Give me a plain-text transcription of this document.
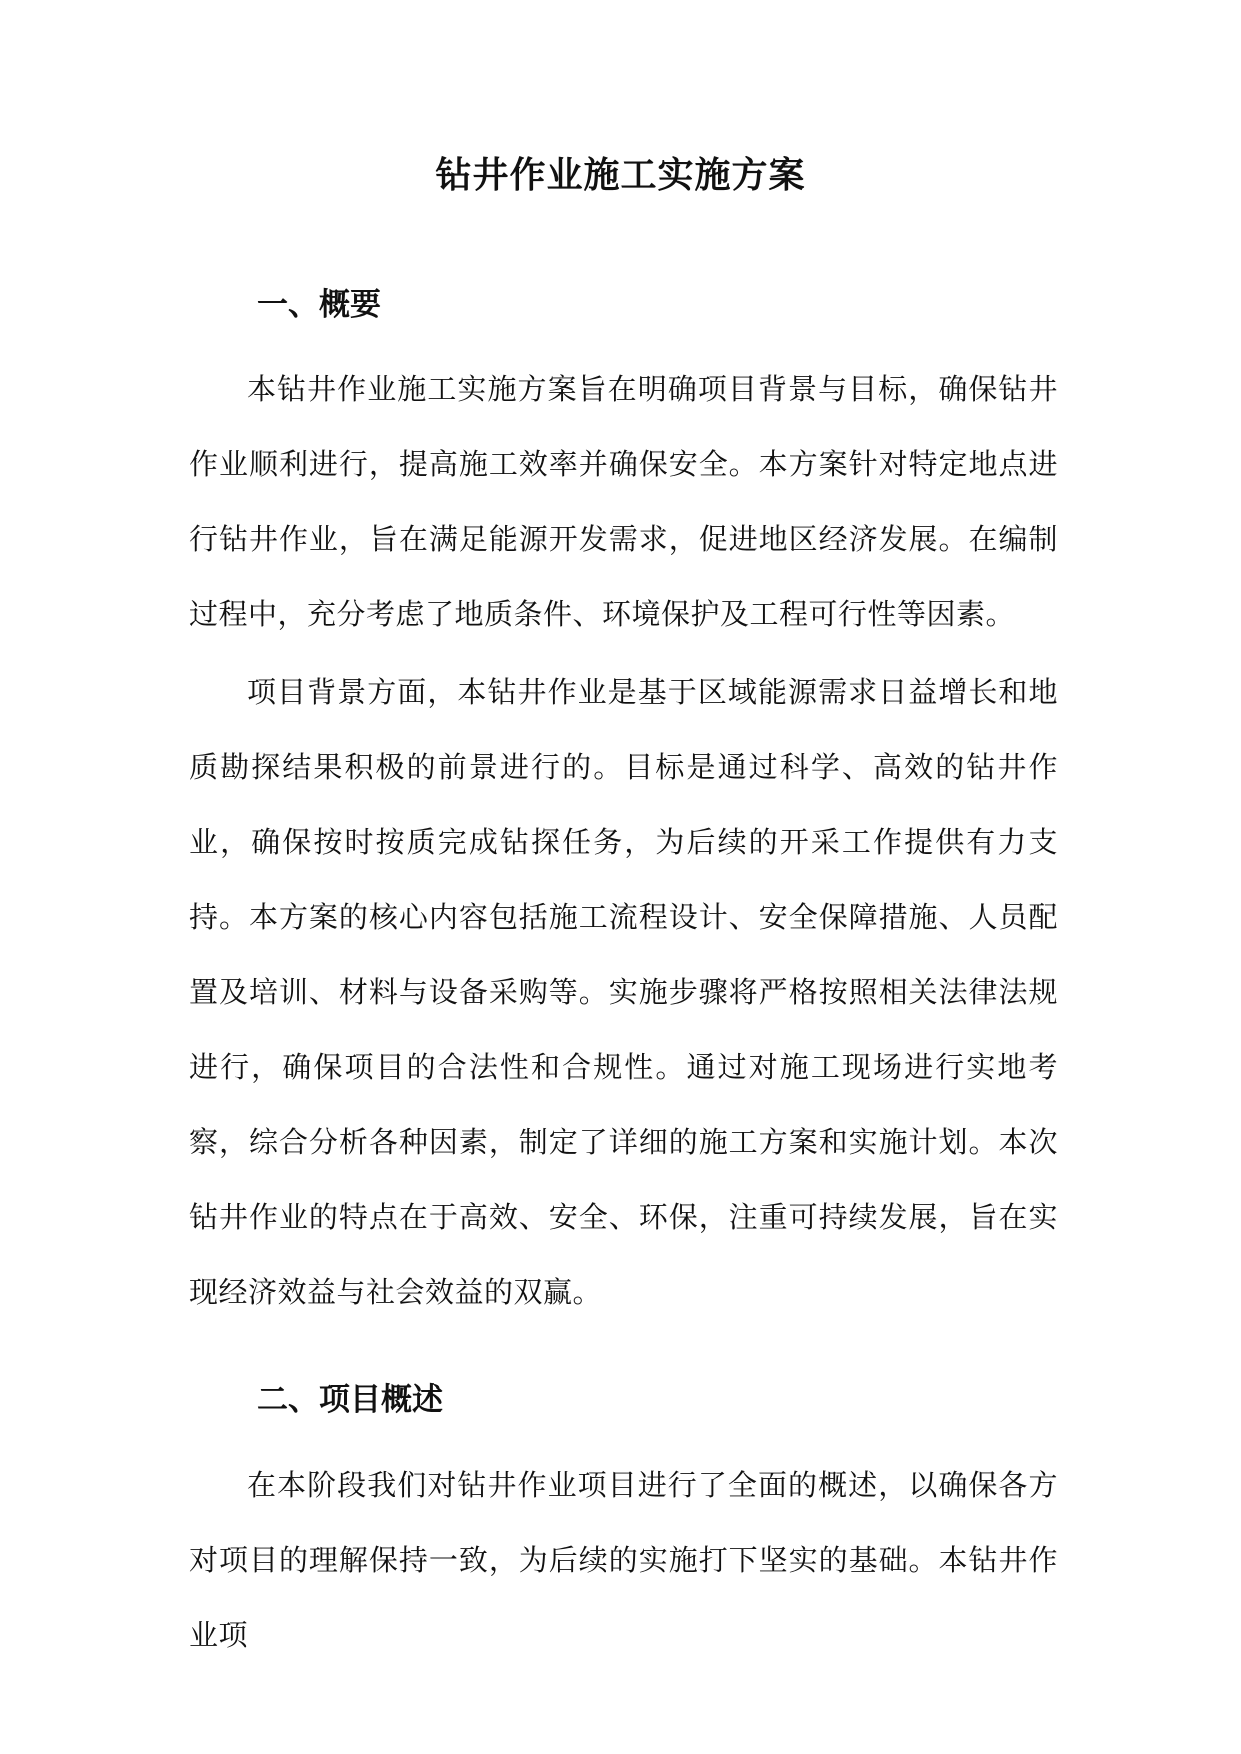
钻井作业施工实施方案
一、概要

本钻井作业施工实施方案旨在明确项目背景与目标，确保钻井作业顺利进行，提高施工效率并确保安全。本方案针对特定地点进行钻井作业，旨在满足能源开发需求，促进地区经济发展。在编制过程中，充分考虑了地质条件、环境保护及工程可行性等因素。

项目背景方面，本钻井作业是基于区域能源需求日益增长和地质勘探结果积极的前景进行的。目标是通过科学、高效的钻井作业，确保按时按质完成钻探任务，为后续的开采工作提供有力支持。本方案的核心内容包括施工流程设计、安全保障措施、人员配置及培训、材料与设备采购等。实施步骤将严格按照相关法律法规进行，确保项目的合法性和合规性。通过对施工现场进行实地考察，综合分析各种因素，制定了详细的施工方案和实施计划。本次钻井作业的特点在于高效、安全、环保，注重可持续发展，旨在实现经济效益与社会效益的双赢。

二、项目概述

在本阶段我们对钻井作业项目进行了全面的概述，以确保各方对项目的理解保持一致，为后续的实施打下坚实的基础。本钻井作业项
